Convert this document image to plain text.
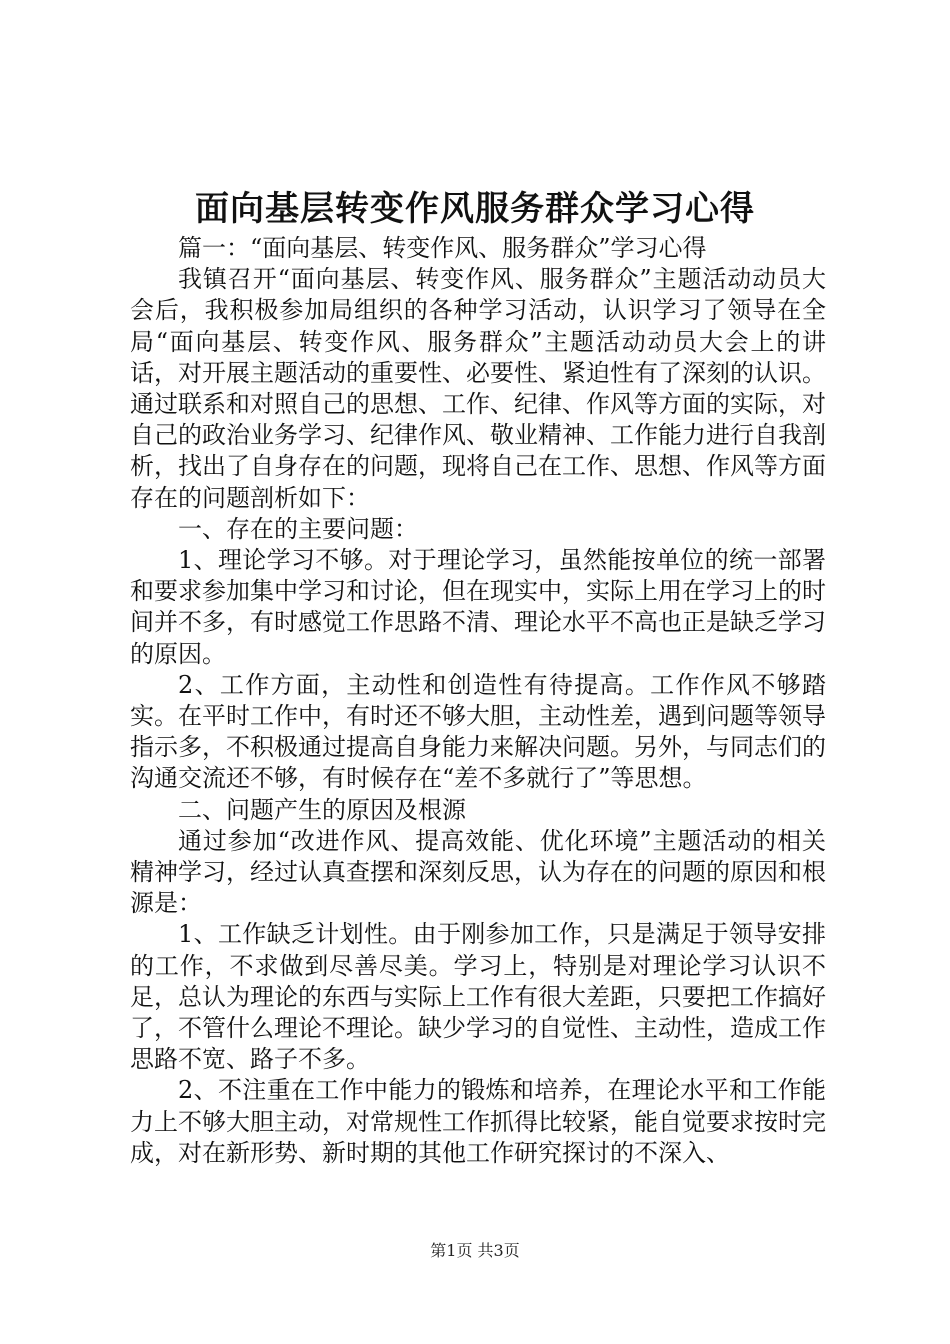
面向基层转变作风服务群众学习心得

篇一：“面向基层、转变作风、服务群众”学习心得

我镇召开“面向基层、转变作风、服务群众”主题活动动员大会后，我积极参加局组织的各种学习活动，认识学习了领导在全局“面向基层、转变作风、服务群众”主题活动动员大会上的讲话，对开展主题活动的重要性、必要性、紧迫性有了深刻的认识。通过联系和对照自己的思想、工作、纪律、作风等方面的实际，对自己的政治业务学习、纪律作风、敬业精神、工作能力进行自我剖析，找出了自身存在的问题，现将自己在工作、思想、作风等方面存在的问题剖析如下：

一、存在的主要问题：

1、理论学习不够。对于理论学习，虽然能按单位的统一部署和要求参加集中学习和讨论，但在现实中，实际上用在学习上的时间并不多，有时感觉工作思路不清、理论水平不高也正是缺乏学习的原因。

2、工作方面，主动性和创造性有待提高。工作作风不够踏实。在平时工作中，有时还不够大胆，主动性差，遇到问题等领导指示多，不积极通过提高自身能力来解决问题。另外，与同志们的沟通交流还不够，有时候存在“差不多就行了”等思想。

二、问题产生的原因及根源

通过参加“改进作风、提高效能、优化环境”主题活动的相关精神学习，经过认真查摆和深刻反思，认为存在的问题的原因和根源是：

1、工作缺乏计划性。由于刚参加工作，只是满足于领导安排的工作，不求做到尽善尽美。学习上，特别是对理论学习认识不足，总认为理论的东西与实际上工作有很大差距，只要把工作搞好了，不管什么理论不理论。缺少学习的自觉性、主动性，造成工作思路不宽、路子不多。

2、不注重在工作中能力的锻炼和培养，在理论水平和工作能力上不够大胆主动，对常规性工作抓得比较紧，能自觉要求按时完成，对在新形势、新时期的其他工作研究探讨的不深入、

第1页 共3页
